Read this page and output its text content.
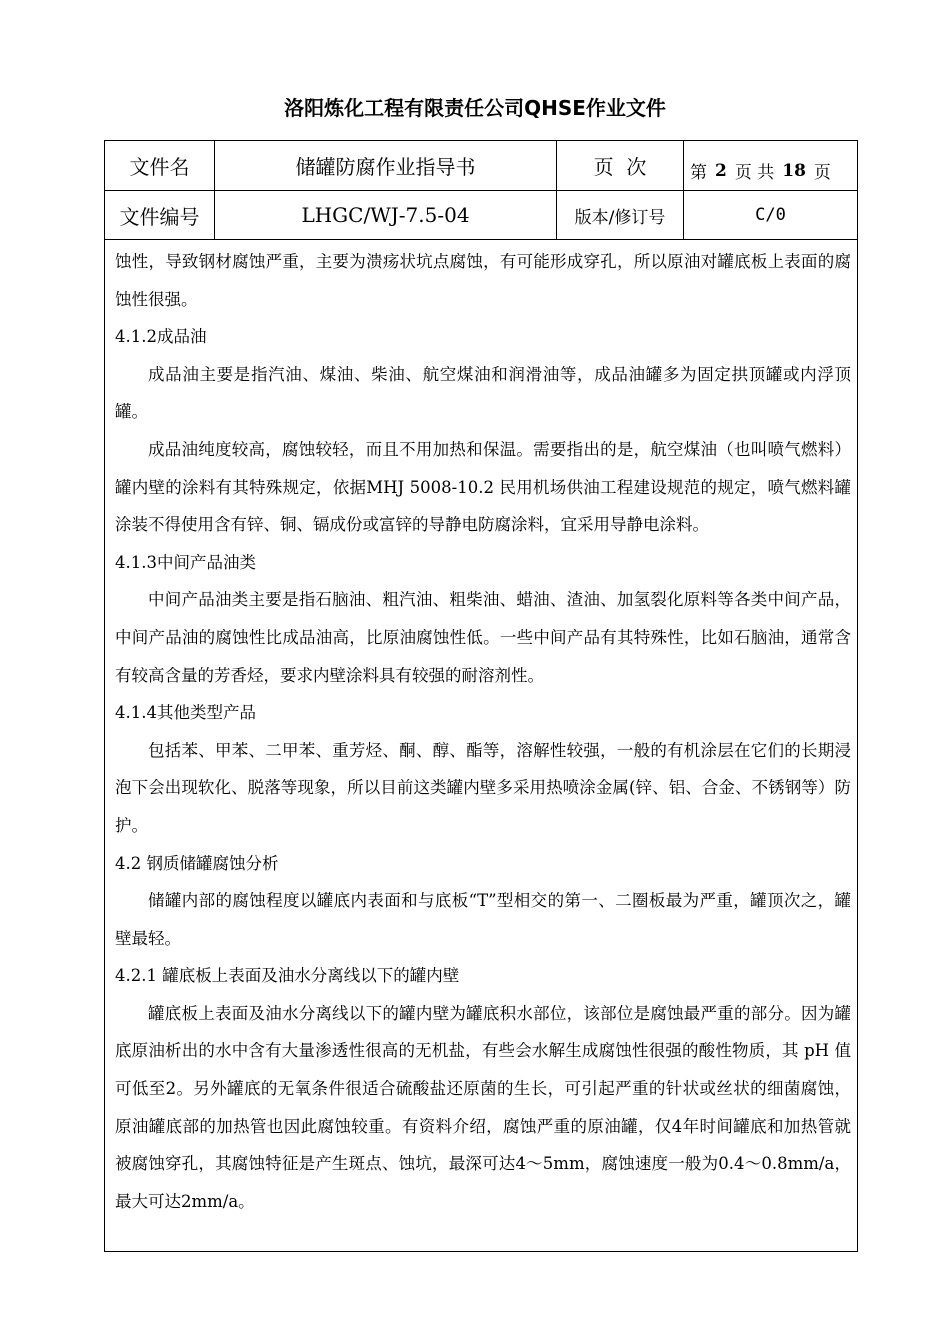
洛阳炼化工程有限责任公司QHSE作业文件
文件名	储罐防腐作业指导书	页  次	第 2 页 共 18 页
文件编号	LHGC/WJ-7.5-04	版本/修订号	C/0

蚀性，导致钢材腐蚀严重，主要为溃疡状坑点腐蚀，有可能形成穿孔，所以原油对罐底板上表面的腐蚀性很强。

4.1.2成品油

成品油主要是指汽油、煤油、柴油、航空煤油和润滑油等，成品油罐多为固定拱顶罐或内浮顶罐。

成品油纯度较高，腐蚀较轻，而且不用加热和保温。需要指出的是，航空煤油（也叫喷气燃料）罐内壁的涂料有其特殊规定，依据MHJ 5008-10.2 民用机场供油工程建设规范的规定，喷气燃料罐涂装不得使用含有锌、铜、镉成份或富锌的导静电防腐涂料，宜采用导静电涂料。

4.1.3中间产品油类

中间产品油类主要是指石脑油、粗汽油、粗柴油、蜡油、渣油、加氢裂化原料等各类中间产品，中间产品油的腐蚀性比成品油高，比原油腐蚀性低。一些中间产品有其特殊性，比如石脑油，通常含有较高含量的芳香烃，要求内壁涂料具有较强的耐溶剂性。

4.1.4其他类型产品

包括苯、甲苯、二甲苯、重芳烃、酮、醇、酯等，溶解性较强，一般的有机涂层在它们的长期浸泡下会出现软化、脱落等现象，所以目前这类罐内壁多采用热喷涂金属(锌、铝、合金、不锈钢等）防护。

4.2 钢质储罐腐蚀分析

储罐内部的腐蚀程度以罐底内表面和与底板“T”型相交的第一、二圈板最为严重，罐顶次之，罐壁最轻。

4.2.1 罐底板上表面及油水分离线以下的罐内壁

罐底板上表面及油水分离线以下的罐内壁为罐底积水部位，该部位是腐蚀最严重的部分。因为罐底原油析出的水中含有大量渗透性很高的无机盐，有些会水解生成腐蚀性很强的酸性物质，其 pH 值可低至2。另外罐底的无氧条件很适合硫酸盐还原菌的生长，可引起严重的针状或丝状的细菌腐蚀，原油罐底部的加热管也因此腐蚀较重。有资料介绍，腐蚀严重的原油罐，仅4年时间罐底和加热管就被腐蚀穿孔，其腐蚀特征是产生斑点、蚀坑，最深可达4～5mm，腐蚀速度一般为0.4～0.8mm/a，最大可达2mm/a。
